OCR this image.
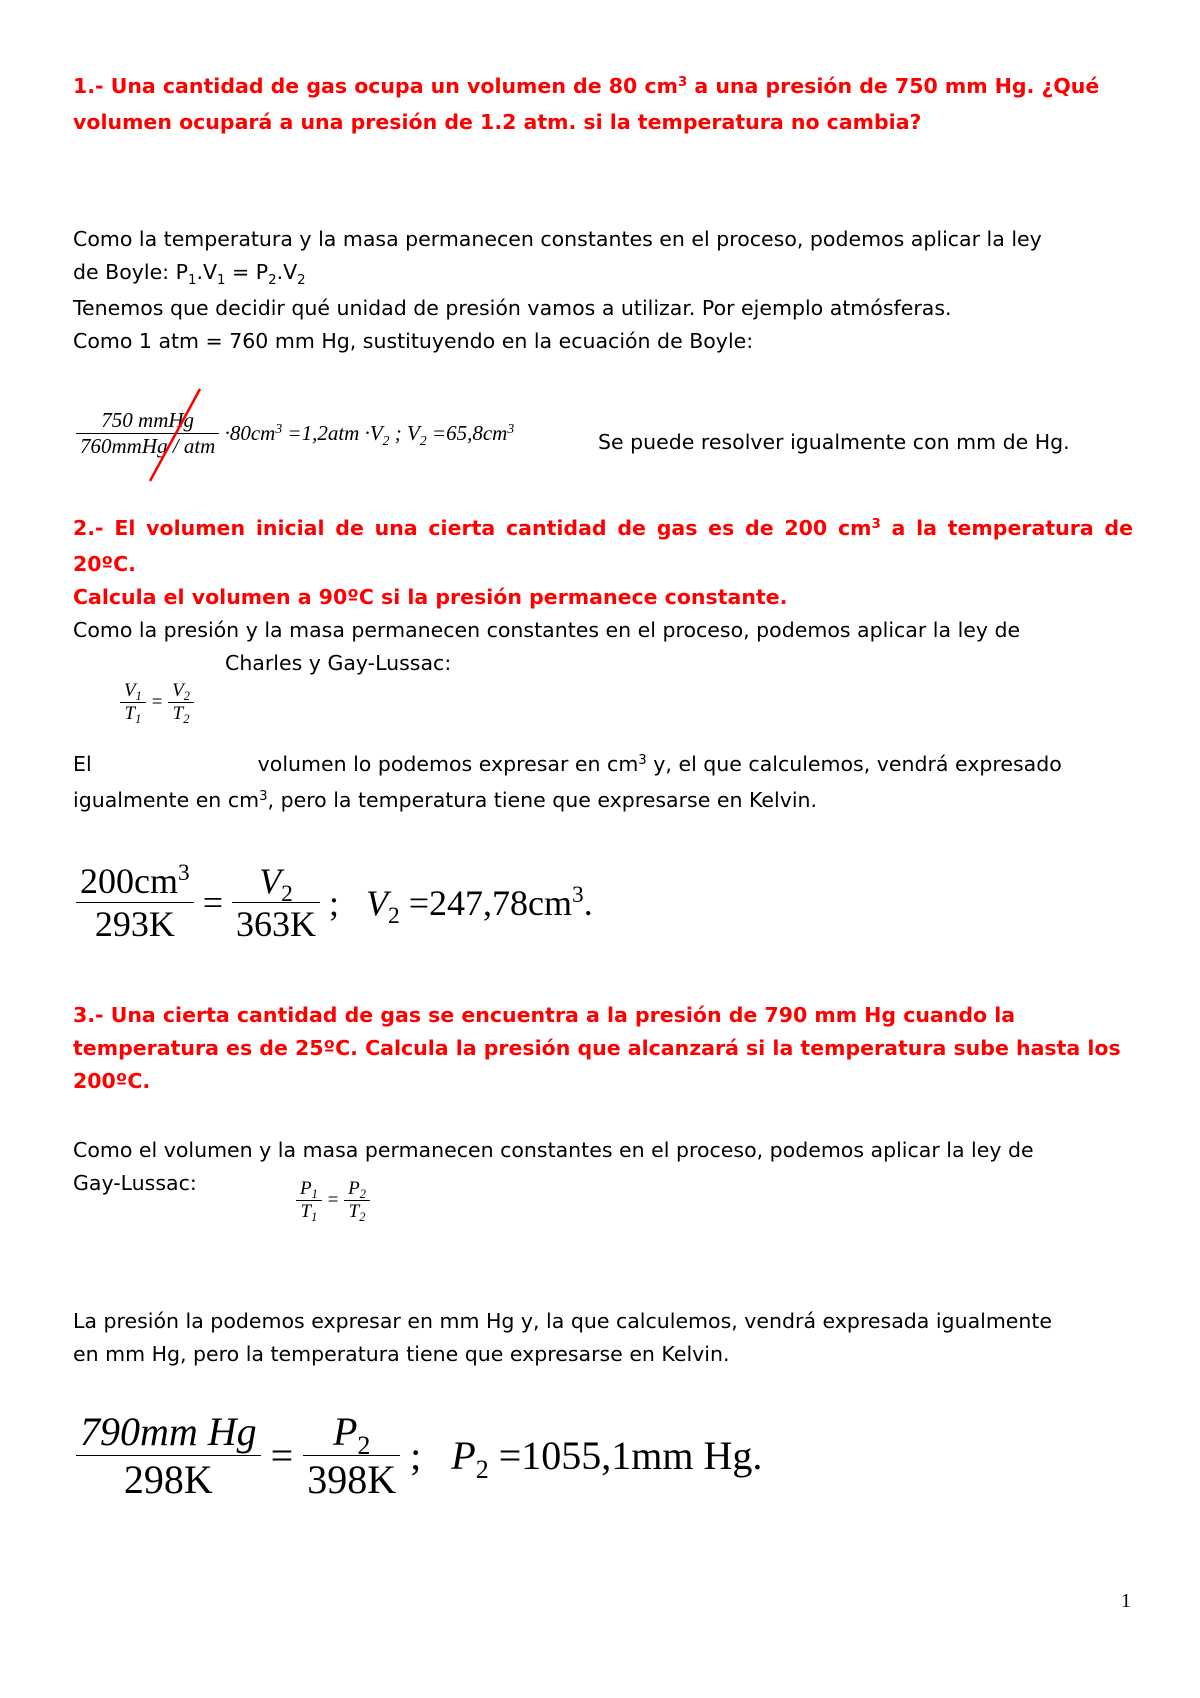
1.- Una cantidad de gas ocupa un volumen de 80 $cm^3$ a una presión de 750 mm Hg. ¿Qué

volumen ocupará a una presión de 1.2 atm. si la temperatura no cambia?

Como la temperatura y la masa permanecen constantes en el proceso, podemos aplicar la ley

de Boyle: $P_1.V_1 = P_2.V_2$

Tenemos que decidir qué unidad de presión vamos a utilizar. Por ejemplo atmósferas.

Como 1 atm = 760 mm Hg, sustituyendo en la ecuación de Boyle:

$\frac{\text{750 mmHg}}{\text{760mmHg / atm}} \cdot 80cm^3 =1,2atm \cdot V_2$ ; $V_2 =65,8cm^3$
Se puede resolver igualmente con mm de Hg.

2.- El volumen inicial de una cierta cantidad de gas es de 200 $cm^3$ a la temperatura de 20ºC.

Calcula el volumen a 90ºC si la presión permanece constante.

Como la presión y la masa permanecen constantes en el proceso, podemos aplicar la ley de

Charles y Gay-Lussac:

$\frac{V_1}{T_1} = \frac{V_2}{T_2}$

El	volumen lo podemos expresar en $cm^3$ y, el que calculemos, vendrá expresado

igualmente en $cm^3$, pero la temperatura tiene que expresarse en Kelvin.

$\frac{200cm^3}{293K} = \frac{V_2}{363K}$ ;   $V_2 =247,78cm^3$.

3.- Una cierta cantidad de gas se encuentra a la presión de 790 mm Hg cuando la

temperatura es de 25ºC. Calcula la presión que alcanzará si la temperatura sube hasta los

200ºC.

Como el volumen y la masa permanecen constantes en el proceso, podemos aplicar la ley de

Gay-Lussac:	$\frac{P_1}{T_1} = \frac{P_2}{T_2}$

La presión la podemos expresar en mm Hg y, la que calculemos, vendrá expresada igualmente

en mm Hg, pero la temperatura tiene que expresarse en Kelvin.

$\frac{\text{790mm Hg}}{298K} = \frac{P_2}{398K}$ ;   $P_2 =1055,1mm$ Hg.
1
